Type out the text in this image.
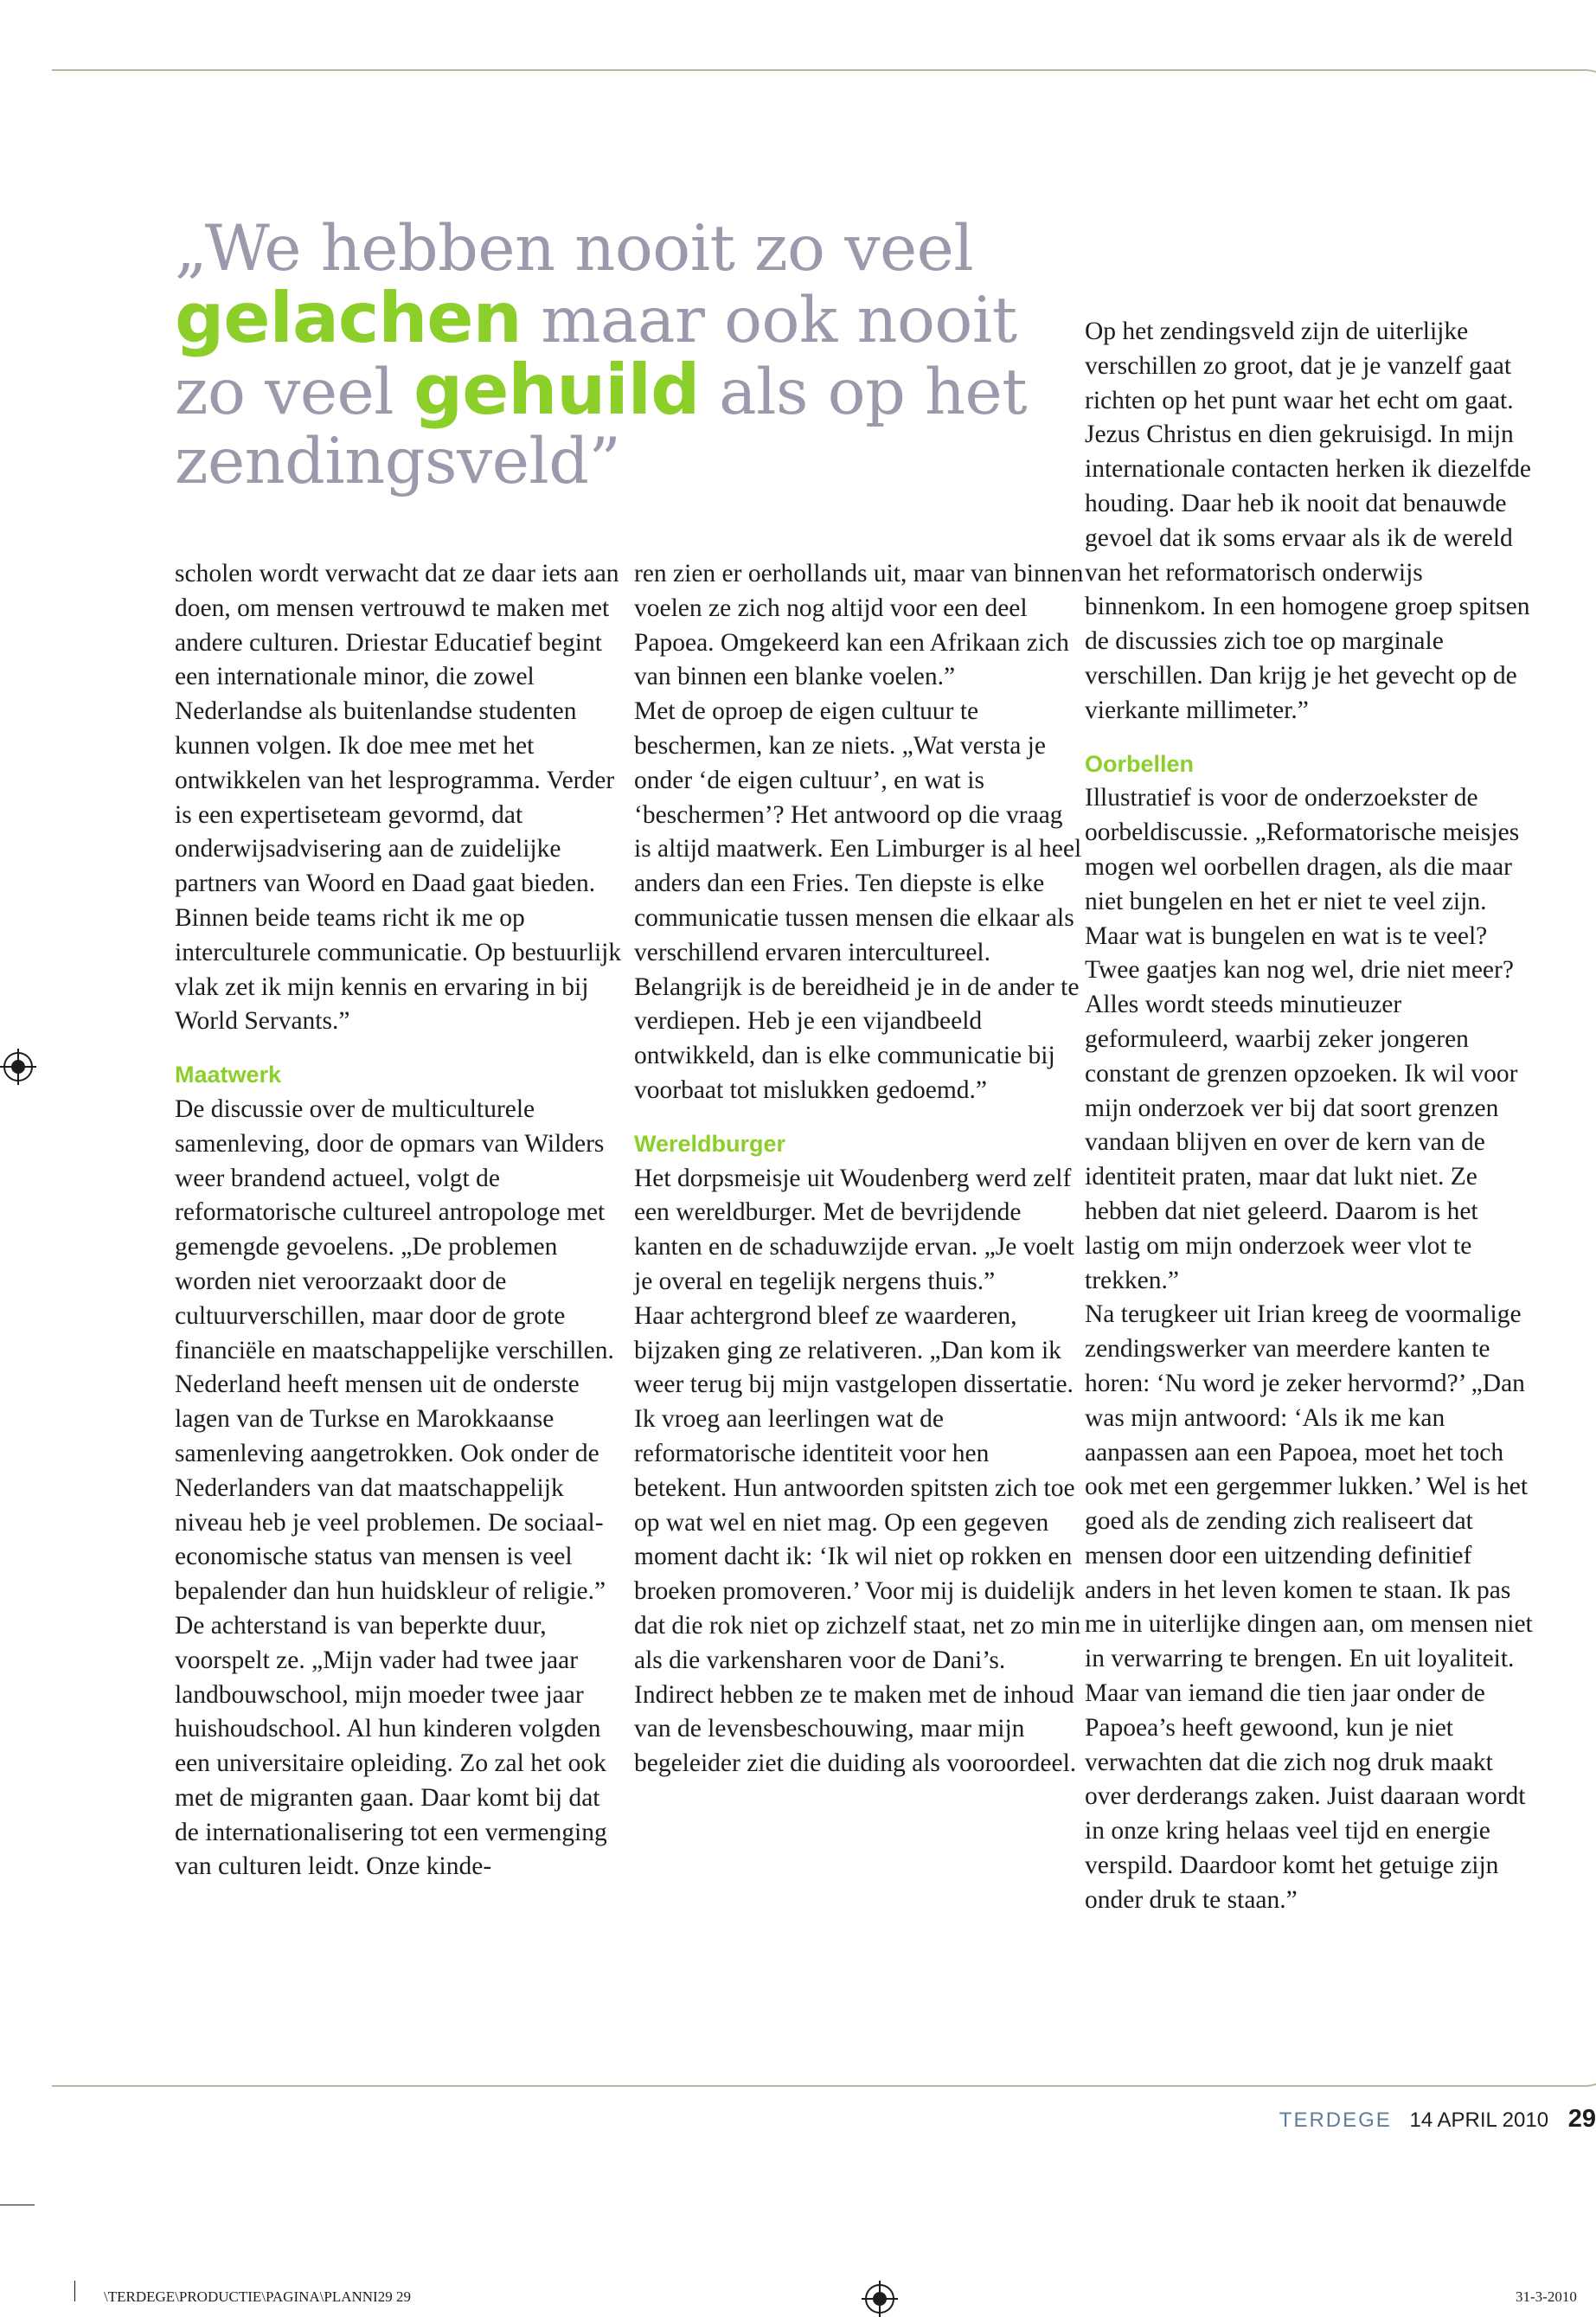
„We hebben nooit zo veel
gelachen maar ook nooit
zo veel gehuild als op het
zendingsveld”

scholen wordt verwacht dat ze daar iets aan doen, om mensen vertrouwd te maken met andere culturen. Driestar Educatief begint een internationale minor, die zowel Nederlandse als buitenlandse studenten kunnen volgen. Ik doe mee met het ontwikkelen van het lesprogramma. Verder is een expertiseteam gevormd, dat onderwijsadvisering aan de zuidelijke partners van Woord en Daad gaat bieden. Binnen beide teams richt ik me op interculturele communicatie. Op bestuurlijk vlak zet ik mijn kennis en ervaring in bij World Servants.”

Maatwerk

De discussie over de multiculturele samenleving, door de opmars van Wilders weer brandend actueel, volgt de reformatorische cultureel antropologe met gemengde gevoelens. „De problemen worden niet veroorzaakt door de cultuurverschillen, maar door de grote financiële en maatschappelijke verschillen. Nederland heeft mensen uit de onderste lagen van de Turkse en Marokkaanse samenleving aangetrokken. Ook onder de Nederlanders van dat maatschappelijk niveau heb je veel problemen. De sociaal-economische status van mensen is veel bepalender dan hun huidskleur of religie.”

De achterstand is van beperkte duur, voorspelt ze. „Mijn vader had twee jaar landbouwschool, mijn moeder twee jaar huishoudschool. Al hun kinderen volgden een universitaire opleiding. Zo zal het ook met de migranten gaan. Daar komt bij dat de internationalisering tot een vermenging van culturen leidt. Onze kinde-

ren zien er oerhollands uit, maar van binnen voelen ze zich nog altijd voor een deel Papoea. Omgekeerd kan een Afrikaan zich van binnen een blanke voelen.”

Met de oproep de eigen cultuur te beschermen, kan ze niets. „Wat versta je onder ‘de eigen cultuur’, en wat is ‘beschermen’? Het antwoord op die vraag is altijd maatwerk. Een Limburger is al heel anders dan een Fries. Ten diepste is elke communicatie tussen mensen die elkaar als verschillend ervaren intercultureel. Belangrijk is de bereidheid je in de ander te verdiepen. Heb je een vijandbeeld ontwikkeld, dan is elke communicatie bij voorbaat tot mislukken gedoemd.”

Wereldburger

Het dorpsmeisje uit Woudenberg werd zelf een wereldburger. Met de bevrijdende kanten en de schaduwzijde ervan. „Je voelt je overal en tegelijk nergens thuis.”

Haar achtergrond bleef ze waarderen, bijzaken ging ze relativeren. „Dan kom ik weer terug bij mijn vastgelopen dissertatie. Ik vroeg aan leerlingen wat de reformatorische identiteit voor hen betekent. Hun antwoorden spitsten zich toe op wat wel en niet mag. Op een gegeven moment dacht ik: ‘Ik wil niet op rokken en broeken promoveren.’ Voor mij is duidelijk dat die rok niet op zichzelf staat, net zo min als die varkensharen voor de Dani’s. Indirect hebben ze te maken met de inhoud van de levensbeschouwing, maar mijn begeleider ziet die duiding als vooroordeel.

Op het zendingsveld zijn de uiterlijke verschillen zo groot, dat je je vanzelf gaat richten op het punt waar het echt om gaat. Jezus Christus en dien gekruisigd. In mijn internationale contacten herken ik diezelfde houding. Daar heb ik nooit dat benauwde gevoel dat ik soms ervaar als ik de wereld van het reformatorisch onderwijs binnenkom. In een homogene groep spitsen de discussies zich toe op marginale verschillen. Dan krijg je het gevecht op de vierkante millimeter.”

Oorbellen

Illustratief is voor de onderzoekster de oorbeldiscussie. „Reformatorische meisjes mogen wel oorbellen dragen, als die maar niet bungelen en het er niet te veel zijn. Maar wat is bungelen en wat is te veel? Twee gaatjes kan nog wel, drie niet meer? Alles wordt steeds minutieuzer geformuleerd, waarbij zeker jongeren constant de grenzen opzoeken. Ik wil voor mijn onderzoek ver bij dat soort grenzen vandaan blijven en over de kern van de identiteit praten, maar dat lukt niet. Ze hebben dat niet geleerd. Daarom is het lastig om mijn onderzoek weer vlot te trekken.”

Na terugkeer uit Irian kreeg de voormalige zendingswerker van meerdere kanten te horen: ‘Nu word je zeker hervormd?’ „Dan was mijn antwoord: ‘Als ik me kan aanpassen aan een Papoea, moet het toch ook met een gergemmer lukken.’ Wel is het goed als de zending zich realiseert dat mensen door een uitzending definitief anders in het leven komen te staan. Ik pas me in uiterlijke dingen aan, om mensen niet in verwarring te brengen. En uit loyaliteit. Maar van iemand die tien jaar onder de Papoea’s heeft gewoond, kun je niet verwachten dat die zich nog druk maakt over derderangs zaken. Juist daaraan wordt in onze kring helaas veel tijd en energie verspild. Daardoor komt het getuige zijn onder druk te staan.”

TERDEGE 14 APRIL 2010 29
\TERDEGE\PRODUCTIE\PAGINA\PLANNI29 29	31-3-2010
